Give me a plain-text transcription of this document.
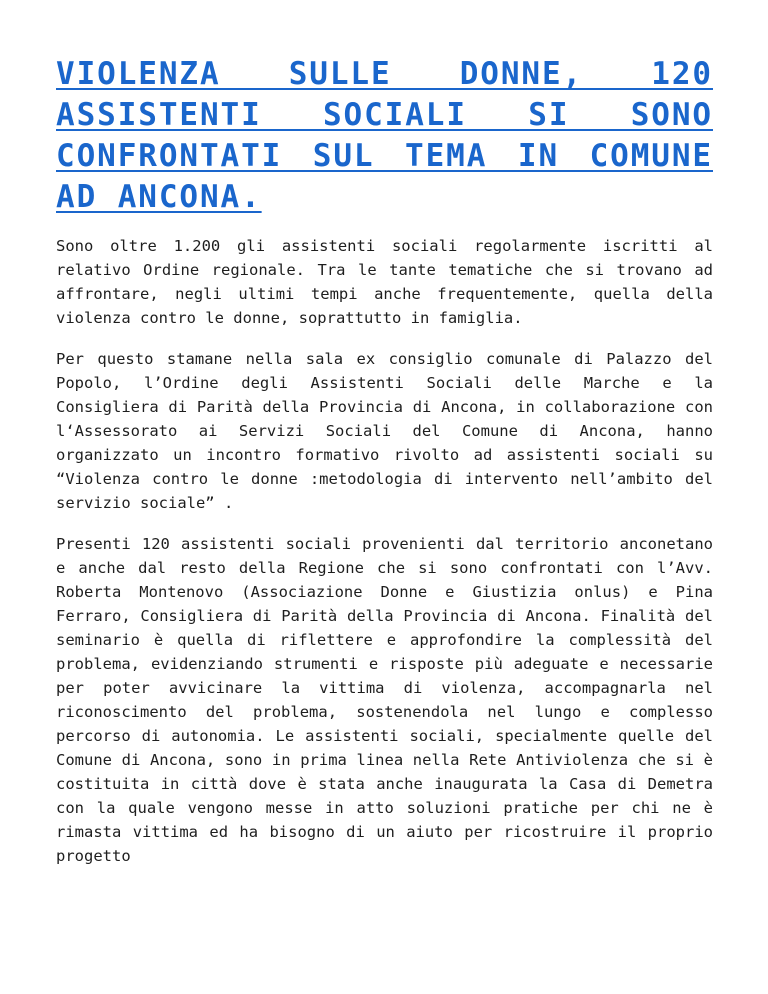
VIOLENZA SULLE DONNE, 120 ASSISTENTI SOCIALI SI SONO CONFRONTATI SUL TEMA IN COMUNE AD ANCONA.

Sono oltre 1.200 gli assistenti sociali regolarmente iscritti al relativo Ordine regionale. Tra le tante tematiche che si trovano ad affrontare, negli ultimi tempi anche frequentemente, quella della violenza contro le donne, soprattutto in famiglia.

Per questo stamane nella sala ex consiglio comunale di Palazzo del Popolo, l’Ordine degli Assistenti Sociali delle Marche e la Consigliera di Parità della Provincia di Ancona, in collaborazione con l‘Assessorato ai Servizi Sociali del Comune di Ancona, hanno organizzato un incontro formativo rivolto ad assistenti sociali su “Violenza contro le donne :metodologia di intervento nell’ambito del servizio sociale” .

Presenti 120 assistenti sociali provenienti dal territorio anconetano e anche dal resto della Regione che si sono confrontati con l’Avv. Roberta Montenovo (Associazione Donne e Giustizia onlus) e Pina Ferraro, Consigliera di Parità della Provincia di Ancona. Finalità del seminario è quella di riflettere e approfondire la complessità del problema, evidenziando strumenti e risposte più adeguate e necessarie per poter avvicinare la vittima di violenza, accompagnarla nel riconoscimento del problema, sostenendola nel lungo e complesso percorso di autonomia. Le assistenti sociali, specialmente quelle del Comune di Ancona, sono in prima linea nella Rete Antiviolenza che si è costituita in città dove è stata anche inaugurata la Casa di Demetra con la quale vengono messe in atto soluzioni pratiche per chi ne è rimasta vittima ed ha bisogno di un aiuto per ricostruire il proprio progetto
